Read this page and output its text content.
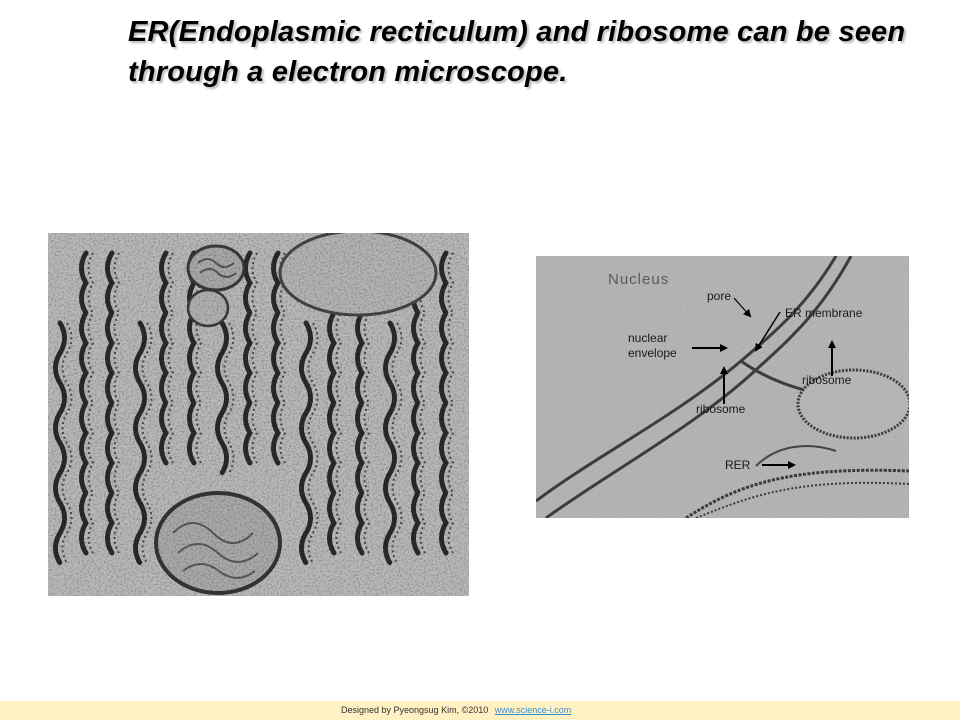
ER(Endoplasmic recticulum) and ribosome can be seen through a electron microscope.
Nucleus
pore
ER membrane
nuclear
envelope
ribosome
ribosome
RER
Designed by Pyeongsug Kim, ©2010 www.science-i.com
